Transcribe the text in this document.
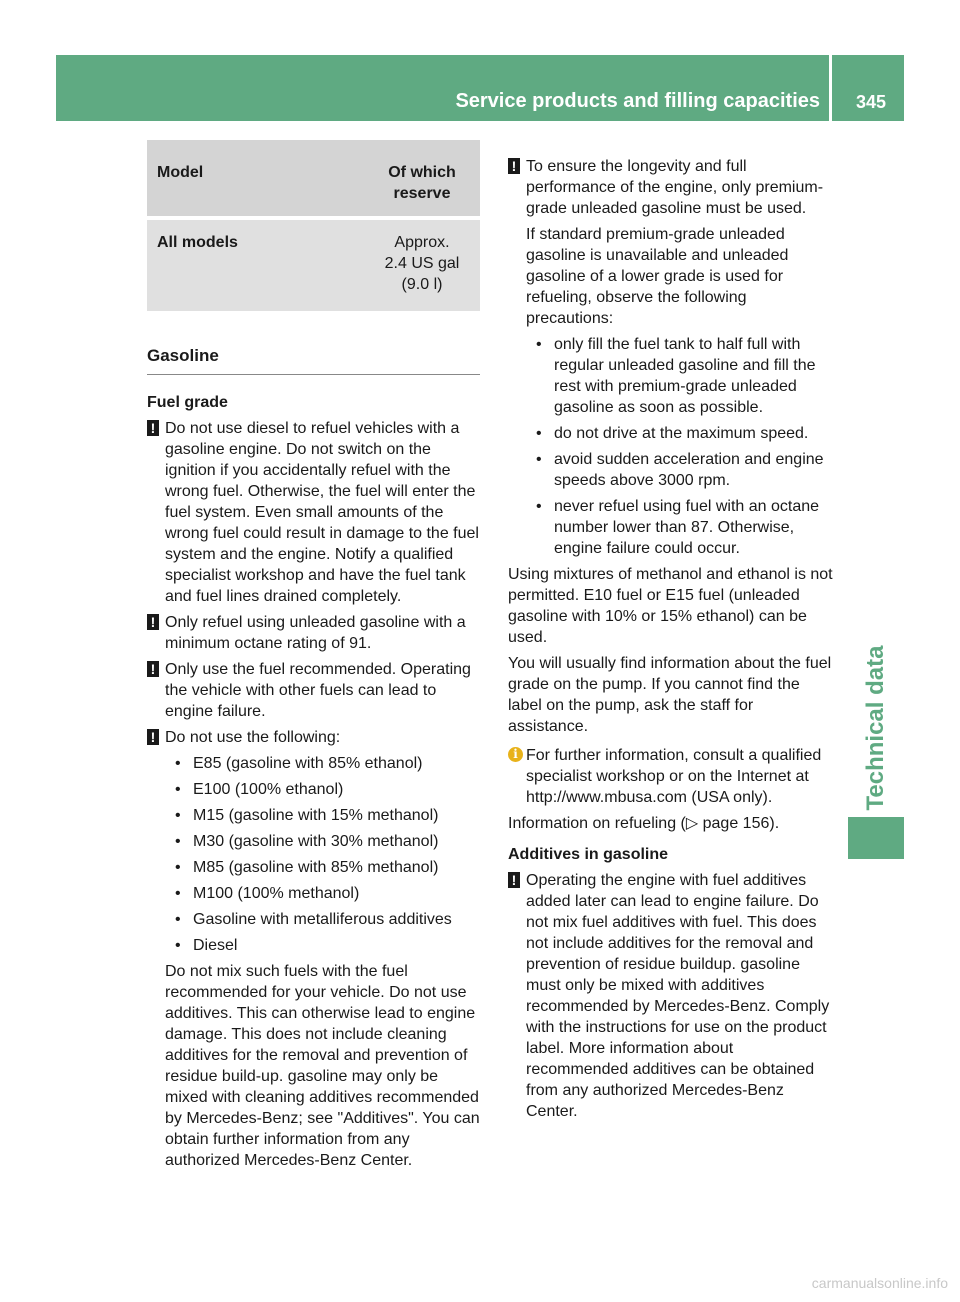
Service products and filling capacities 345
Technical data
Model	Of which reserve
All models	Approx.
2.4 US gal
(9.0 l)
Gasoline
Fuel grade
! Do not use diesel to refuel vehicles with a gasoline engine. Do not switch on the ignition if you accidentally refuel with the wrong fuel. Otherwise, the fuel will enter the fuel system. Even small amounts of the wrong fuel could result in damage to the fuel system and the engine. Notify a qualified specialist workshop and have the fuel tank and fuel lines drained completely.
! Only refuel using unleaded gasoline with a minimum octane rating of 91.
! Only use the fuel recommended. Operating the vehicle with other fuels can lead to engine failure.
! Do not use the following:
• E85 (gasoline with 85% ethanol)
• E100 (100% ethanol)
• M15 (gasoline with 15% methanol)
• M30 (gasoline with 30% methanol)
• M85 (gasoline with 85% methanol)
• M100 (100% methanol)
• Gasoline with metalliferous additives
• Diesel

Do not mix such fuels with the fuel recommended for your vehicle. Do not use additives. This can otherwise lead to engine damage. This does not include cleaning additives for the removal and prevention of residue build-up. gasoline may only be mixed with cleaning additives recommended by Mercedes-Benz; see "Additives". You can obtain further information from any authorized Mercedes-Benz Center.

! To ensure the longevity and full performance of the engine, only premium-grade unleaded gasoline must be used.

If standard premium-grade unleaded gasoline is unavailable and unleaded gasoline of a lower grade is used for refueling, observe the following precautions:

• only fill the fuel tank to half full with regular unleaded gasoline and fill the rest with premium-grade unleaded gasoline as soon as possible.
• do not drive at the maximum speed.
• avoid sudden acceleration and engine speeds above 3000 rpm.
• never refuel using fuel with an octane number lower than 87. Otherwise, engine failure could occur.

Using mixtures of methanol and ethanol is not permitted. E10 fuel or E15 fuel (unleaded gasoline with 10% or 15% ethanol) can be used.

You will usually find information about the fuel grade on the pump. If you cannot find the label on the pump, ask the staff for assistance.

i For further information, consult a qualified specialist workshop or on the Internet at http://www.mbusa.com (USA only).

Information on refueling (▷ page 156).

Additives in gasoline
! Operating the engine with fuel additives added later can lead to engine failure. Do not mix fuel additives with fuel. This does not include additives for the removal and prevention of residue buildup. gasoline must only be mixed with additives recommended by Mercedes-Benz. Comply with the instructions for use on the product label. More information about recommended additives can be obtained from any authorized Mercedes-Benz Center.
carmanualsonline.info
